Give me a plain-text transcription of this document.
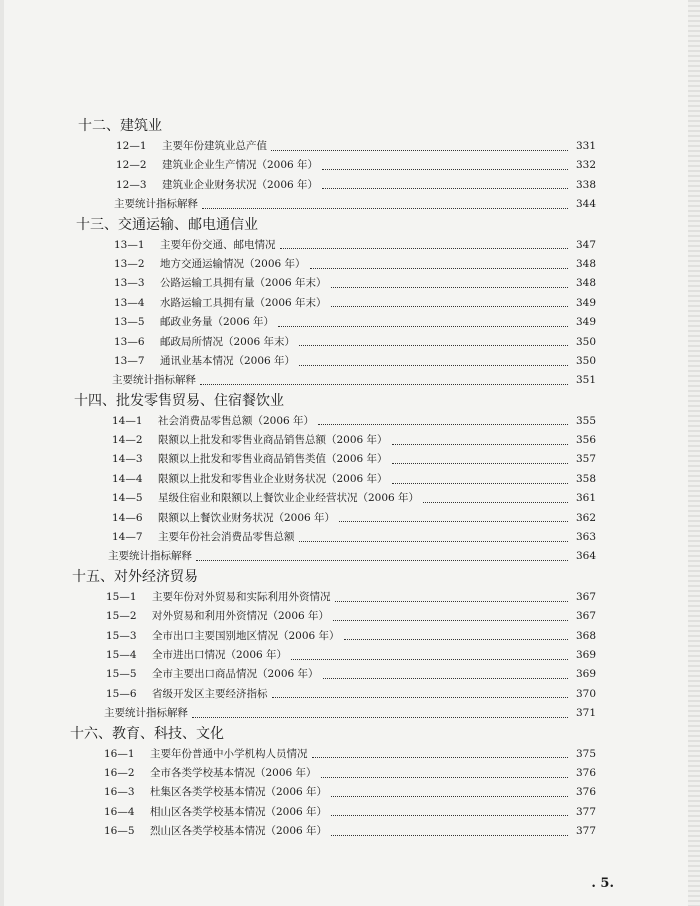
十二、建筑业
12—1	主要年份建筑业总产值	331
12—2	建筑业企业生产情况（2006 年）	332
12—3	建筑业企业财务状况（2006 年）	338
主要统计指标解释	344
十三、交通运输、邮电通信业
13—1	主要年份交通、邮电情况	347
13—2	地方交通运输情况（2006 年）	348
13—3	公路运输工具拥有量（2006 年末）	348
13—4	水路运输工具拥有量（2006 年末）	349
13—5	邮政业务量（2006 年）	349
13—6	邮政局所情况（2006 年末）	350
13—7	通讯业基本情况（2006 年）	350
主要统计指标解释	351
十四、批发零售贸易、住宿餐饮业
14—1	社会消费品零售总额（2006 年）	355
14—2	限额以上批发和零售业商品销售总额（2006 年）	356
14—3	限额以上批发和零售业商品销售类值（2006 年）	357
14—4	限额以上批发和零售业企业财务状况（2006 年）	358
14—5	星级住宿业和限额以上餐饮业企业经营状况（2006 年）	361
14—6	限额以上餐饮业财务状况（2006 年）	362
14—7	主要年份社会消费品零售总额	363
主要统计指标解释	364
十五、对外经济贸易
15—1	主要年份对外贸易和实际利用外资情况	367
15—2	对外贸易和利用外资情况（2006 年）	367
15—3	全市出口主要国别地区情况（2006 年）	368
15—4	全市进出口情况（2006 年）	369
15—5	全市主要出口商品情况（2006 年）	369
15—6	省级开发区主要经济指标	370
主要统计指标解释	371
十六、教育、科技、文化
16—1	主要年份普通中小学机构人员情况	375
16—2	全市各类学校基本情况（2006 年）	376
16—3	杜集区各类学校基本情况（2006 年）	376
16—4	相山区各类学校基本情况（2006 年）	377
16—5	烈山区各类学校基本情况（2006 年）	377
. 5.
